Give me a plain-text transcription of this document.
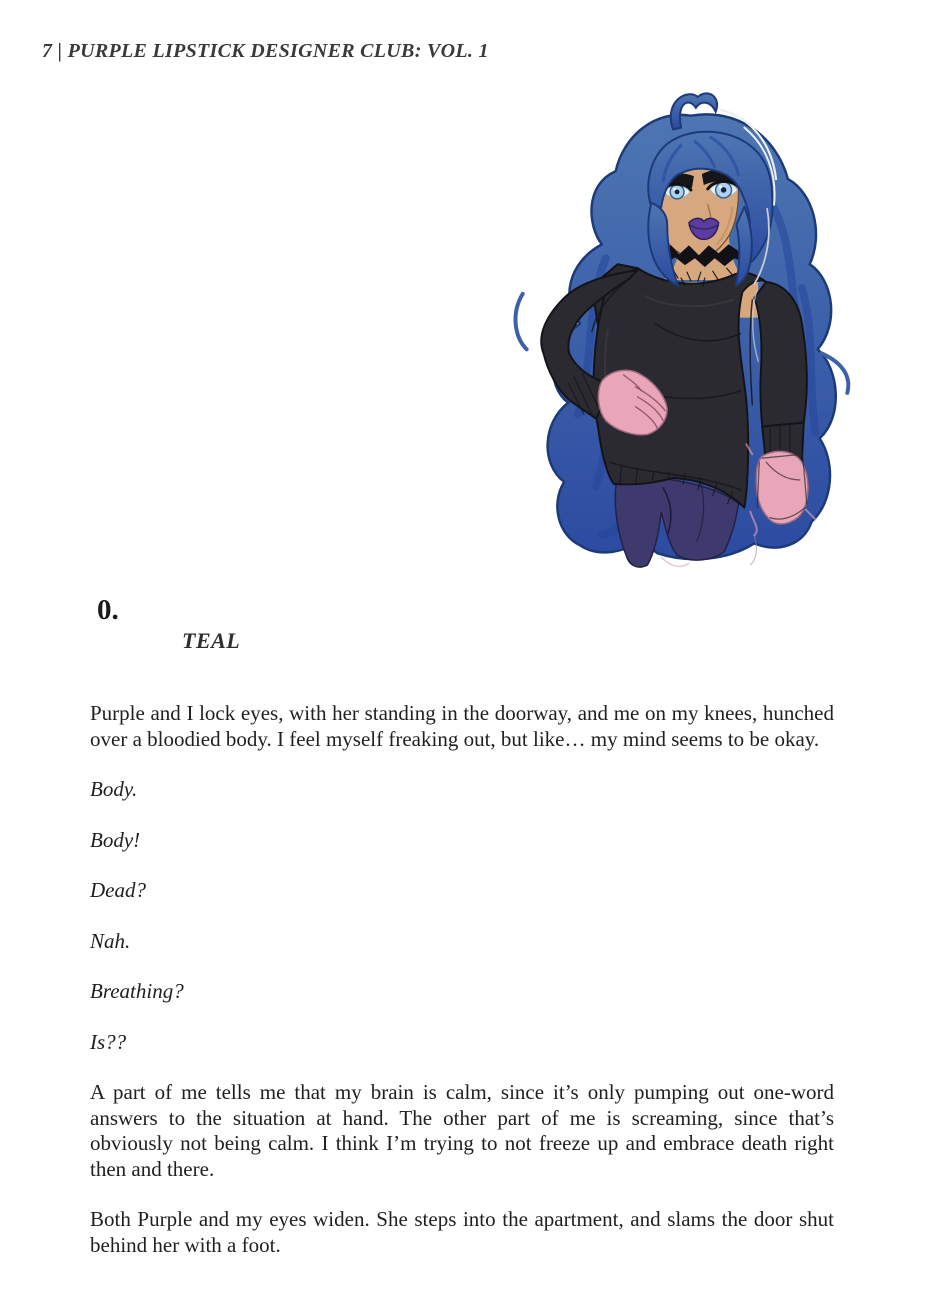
7 | PURPLE LIPSTICK DESIGNER CLUB: VOL. 1
0.
TEAL

Purple and I lock eyes, with her standing in the doorway, and me on my knees, hunched over a bloodied body. I feel myself freaking out, but like… my mind seems to be okay.

Body.

Body!

Dead?

Nah.

Breathing?

Is??

A part of me tells me that my brain is calm, since it’s only pumping out one-word answers to the situation at hand. The other part of me is screaming, since that’s obviously not being calm. I think I’m trying to not freeze up and embrace death right then and there.

Both Purple and my eyes widen. She steps into the apartment, and slams the door shut behind her with a foot.
